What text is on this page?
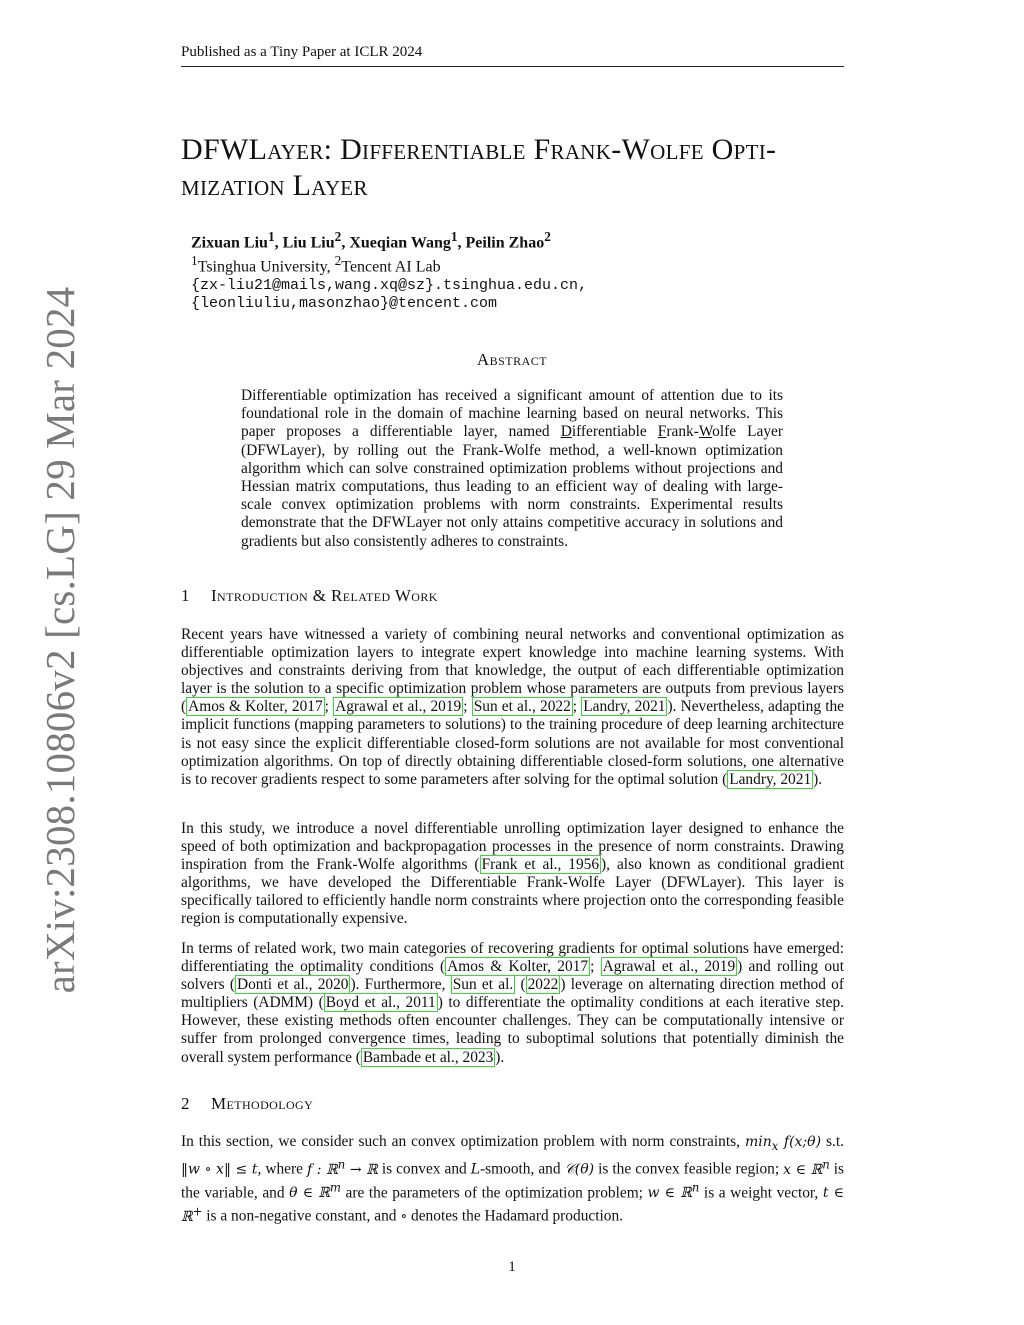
Published as a Tiny Paper at ICLR 2024
arXiv:2308.10806v2 [cs.LG] 29 Mar 2024
DFWLayer: Differentiable Frank-Wolfe Opti-
mization Layer
Zixuan Liu$^1$, Liu Liu$^2$, Xueqian Wang$^1$, Peilin Zhao$^2$
$^1$Tsinghua University, $^2$Tencent AI Lab
{zx-liu21@mails,wang.xq@sz}.tsinghua.edu.cn,
{leonliuliu,masonzhao}@tencent.com
Abstract
Differentiable optimization has received a significant amount of attention due to its foundational role in the domain of machine learning based on neural networks. This paper proposes a differentiable layer, named Differentiable Frank-Wolfe Layer (DFWLayer), by rolling out the Frank-Wolfe method, a well-known optimization algorithm which can solve constrained optimization problems without projections and Hessian matrix computations, thus leading to an efficient way of dealing with large-scale convex optimization problems with norm constraints. Experimental results demonstrate that the DFWLayer not only attains competitive accuracy in solutions and gradients but also consistently adheres to constraints.
1 Introduction & Related Work
Recent years have witnessed a variety of combining neural networks and conventional optimization as differentiable optimization layers to integrate expert knowledge into machine learning systems. With objectives and constraints deriving from that knowledge, the output of each differentiable optimization layer is the solution to a specific optimization problem whose parameters are outputs from previous layers ( Amos & Kolter, 2017 ; Agrawal et al., 2019 ; Sun et al., 2022 ; Landry, 2021 ). Nevertheless, adapting the implicit functions (mapping parameters to solutions) to the training procedure of deep learning architecture is not easy since the explicit differentiable closed-form solutions are not available for most conventional optimization algorithms. On top of directly obtaining differentiable closed-form solutions, one alternative is to recover gradients respect to some parameters after solving for the optimal solution ( Landry, 2021 ).
In this study, we introduce a novel differentiable unrolling optimization layer designed to enhance the speed of both optimization and backpropagation processes in the presence of norm constraints. Drawing inspiration from the Frank-Wolfe algorithms ( Frank et al., 1956 ), also known as conditional gradient algorithms, we have developed the Differentiable Frank-Wolfe Layer (DFWLayer). This layer is specifically tailored to efficiently handle norm constraints where projection onto the corresponding feasible region is computationally expensive.
In terms of related work, two main categories of recovering gradients for optimal solutions have emerged: differentiating the optimality conditions ( Amos & Kolter, 2017 ; Agrawal et al., 2019 ) and rolling out solvers ( Donti et al., 2020 ). Furthermore, Sun et al. ( 2022 ) leverage on alternating direction method of multipliers (ADMM) ( Boyd et al., 2011 ) to differentiate the optimality conditions at each iterative step. However, these existing methods often encounter challenges. They can be computationally intensive or suffer from prolonged convergence times, leading to suboptimal solutions that potentially diminish the overall system performance ( Bambade et al., 2023 ).
2 Methodology
In this section, we consider such an convex optimization problem with norm constraints, $\min_x$ f(x;θ) s.t. ‖w ∘ x‖ ≤ t, where f : ℝ$^n$ → ℝ is convex and L-smooth, and 𝒞(θ) is the convex feasible region; x ∈ ℝ$^n$ is the variable, and θ ∈ ℝ$^m$ are the parameters of the optimization problem; w ∈ ℝ$^n$ is a weight vector, t ∈ ℝ+ is a non-negative constant, and ∘ denotes the Hadamard production.
1
